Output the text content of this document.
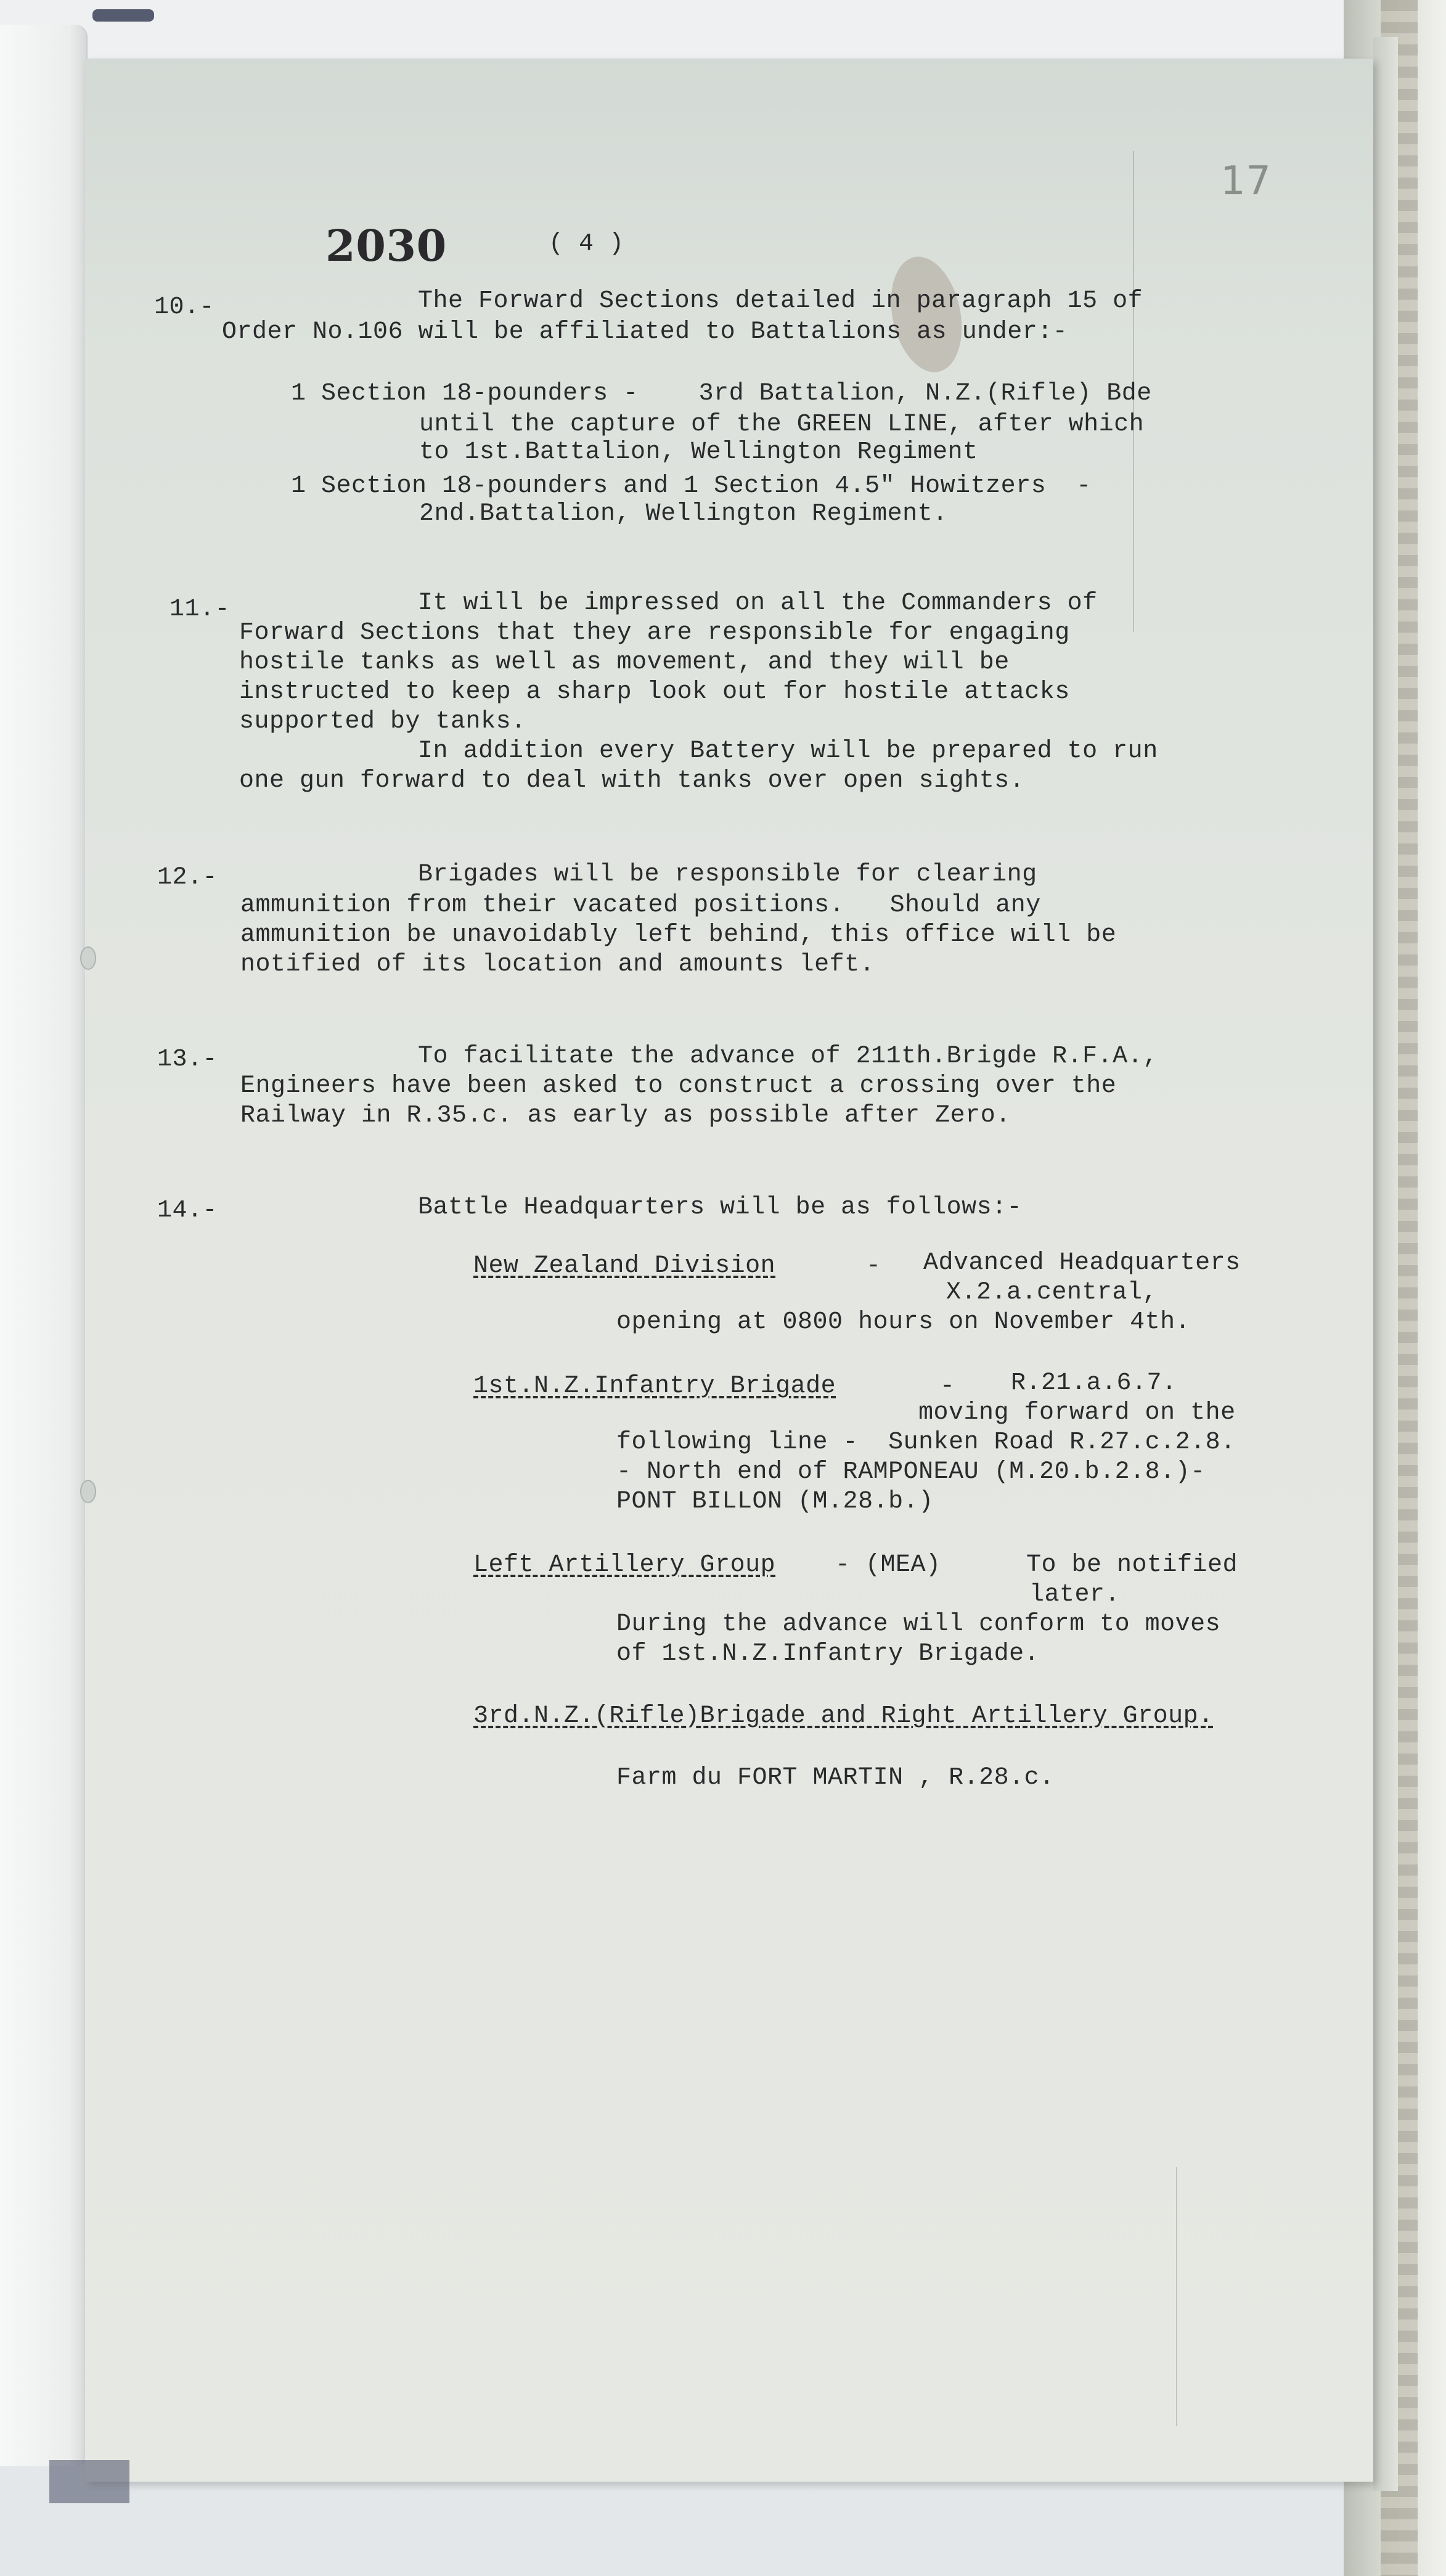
2030	( 4 )
17
10.-	The Forward Sections detailed in paragraph 15 of
Order No.106 will be affiliated to Battalions as under:-
1 Section 18-pounders -    3rd Battalion, N.Z.(Rifle) Bde
until the capture of the GREEN LINE, after which
to 1st.Battalion, Wellington Regiment
1 Section 18-pounders and 1 Section 4.5" Howitzers  -
2nd.Battalion, Wellington Regiment.
11.-	It will be impressed on all the Commanders of
Forward Sections that they are responsible for engaging
hostile tanks as well as movement, and they will be
instructed to keep a sharp look out for hostile attacks
supported by tanks.
In addition every Battery will be prepared to run
one gun forward to deal with tanks over open sights.
12.-	Brigades will be responsible for clearing
ammunition from their vacated positions.   Should any
ammunition be unavoidably left behind, this office will be
notified of its location and amounts left.
13.-	To facilitate the advance of 211th.Brigde R.F.A.,
Engineers have been asked to construct a crossing over the
Railway in R.35.c. as early as possible after Zero.
14.-	Battle Headquarters will be as follows:-
New Zealand Division	- Advanced Headquarters
X.2.a.central,
opening at 0800 hours on November 4th.
1st.N.Z.Infantry Brigade	- R.21.a.6.7.
moving forward on the
following line -  Sunken Road R.27.c.2.8.
- North end of RAMPONEAU (M.20.b.2.8.)-
PONT BILLON (M.28.b.)
Left Artillery Group - (MEA)	To be notified
later.
During the advance will conform to moves
of 1st.N.Z.Infantry Brigade.
3rd.N.Z.(Rifle)Brigade and Right Artillery Group.
Farm du FORT MARTIN , R.28.c.
